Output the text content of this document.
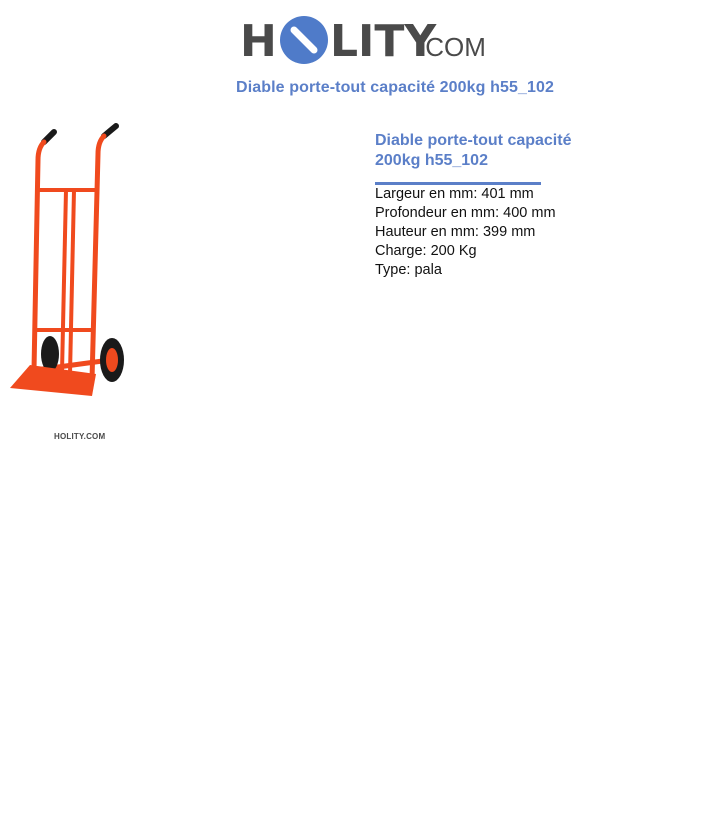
H LITY
.COM
Diable porte-tout capacité 200kg h55_102
HOLITY.COM
Diable porte-tout capacité
200kg h55_102
Largeur en mm: 401 mm
Profondeur en mm: 400 mm
Hauteur en mm: 399 mm
Charge: 200 Kg
Type: pala
